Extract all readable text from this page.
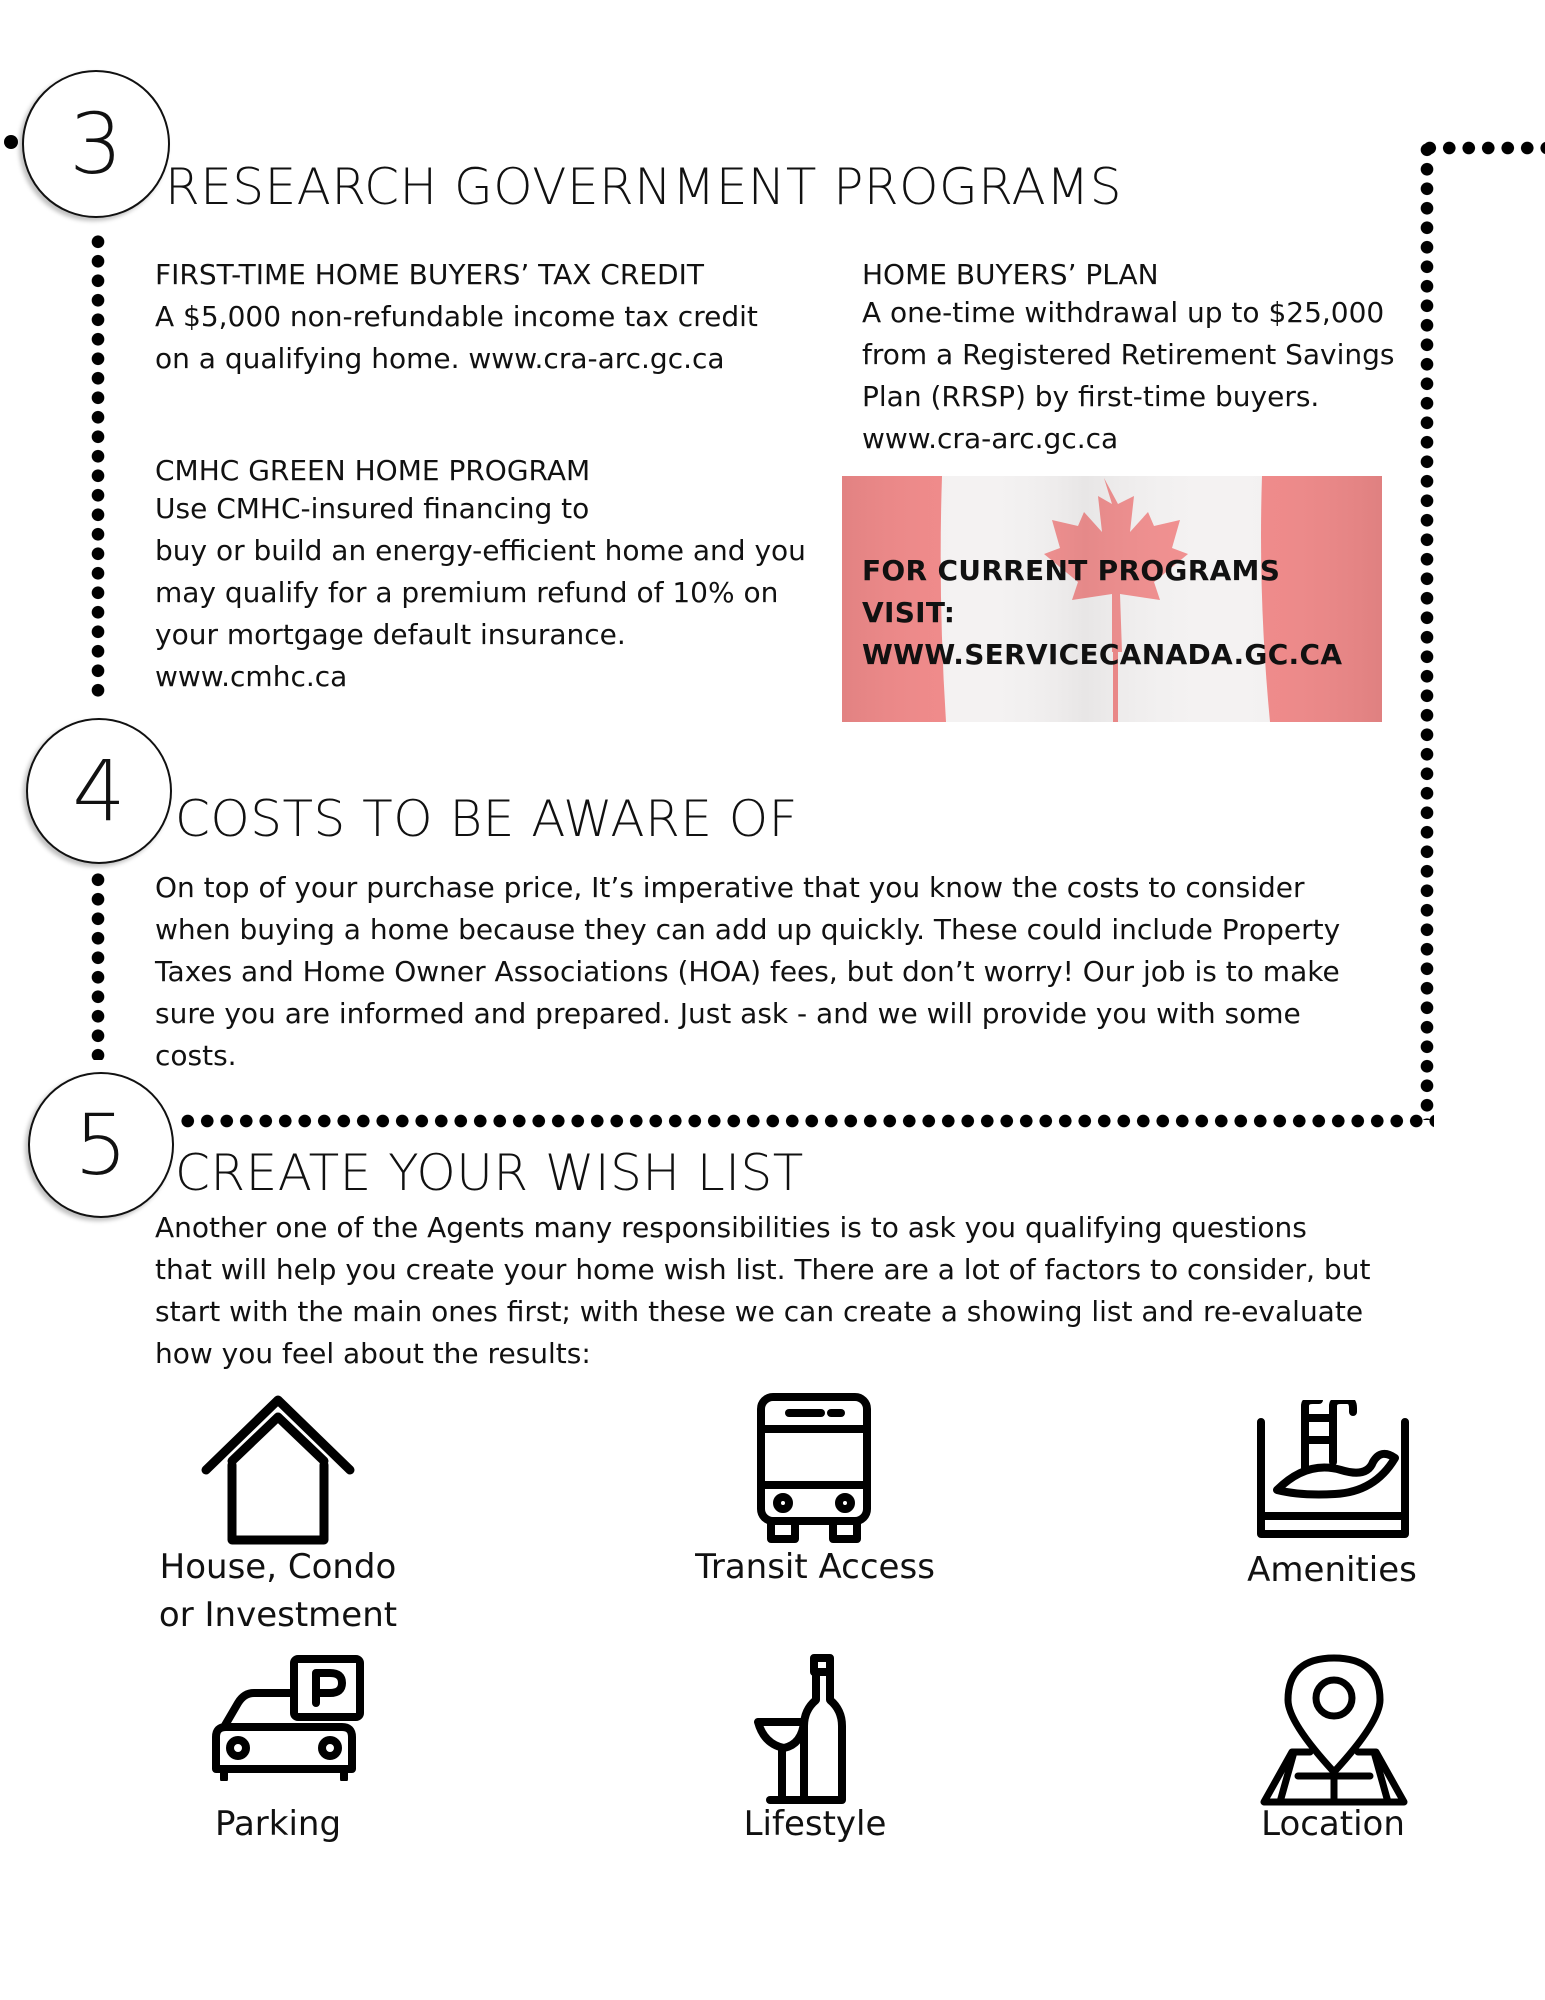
3 RESEARCH GOVERNMENT PROGRAMS

FIRST-TIME HOME BUYERS’ TAX CREDIT

A $5,000 non-refundable income tax credit

on a qualifying home. www.cra-arc.gc.ca

HOME BUYERS’ PLAN

A one-time withdrawal up to $25,000

from a Registered Retirement Savings

Plan (RRSP) by first-time buyers.

www.cra-arc.gc.ca

CMHC GREEN HOME PROGRAM

Use CMHC-insured financing to

buy or build an energy-efficient home and you

may qualify for a premium refund of 10% on

your mortgage default insurance.

www.cmhc.ca

FOR CURRENT PROGRAMS VISIT:
WWW.SERVICECANADA.GC.CA
4 COSTS TO BE AWARE OF

On top of your purchase price, It’s imperative that you know the costs to consider

when buying a home because they can add up quickly. These could include Property

Taxes and Home Owner Associations (HOA) fees, but don’t worry! Our job is to make

sure you are informed and prepared. Just ask - and we will provide you with some

costs.

5 CREATE YOUR WISH LIST

Another one of the Agents many responsibilities is to ask you qualifying questions

that will help you create your home wish list. There are a lot of factors to consider, but

start with the main ones first; with these we can create a showing list and re-evaluate

how you feel about the results:

House, Condo
or Investment
Transit Access	Amenities
Parking	Lifestyle	Location
